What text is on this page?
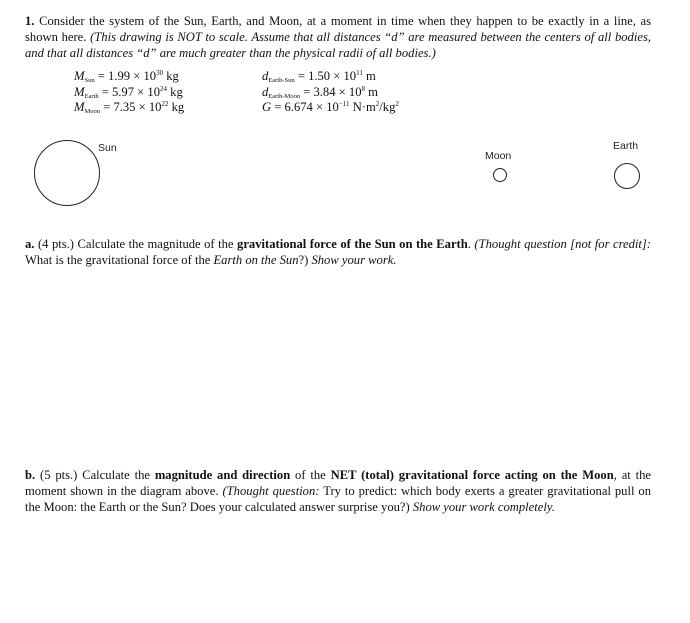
1. Consider the system of the Sun, Earth, and Moon, at a moment in time when they happen to be exactly in a line, as shown here. (This drawing is NOT to scale. Assume that all distances “d” are measured between the centers of all bodies, and that all distances “d” are much greater than the physical radii of all bodies.)
$M_{Sun} = 1.99 \times 10^{30}$ kg
$M_{Earth} = 5.97 \times 10^{24}$ kg
$M_{Moon} = 7.35 \times 10^{22}$ kg
$d_{Earth-Sun} = 1.50 \times 10^{11}$ m
$d_{Earth-Moon} = 3.84 \times 10^8$ m
$G = 6.674 \times 10^{-11}$ $N\cdot m^2/kg^2$
Sun
Moon
Earth
a. (4 pts.) Calculate the magnitude of the gravitational force of the Sun on the Earth. (Thought question [not for credit]: What is the gravitational force of the Earth on the Sun?) Show your work.
b. (5 pts.) Calculate the magnitude and direction of the NET (total) gravitational force acting on the Moon, at the moment shown in the diagram above. (Thought question: Try to predict: which body exerts a greater gravitational pull on the Moon: the Earth or the Sun? Does your calculated answer surprise you?) Show your work completely.
